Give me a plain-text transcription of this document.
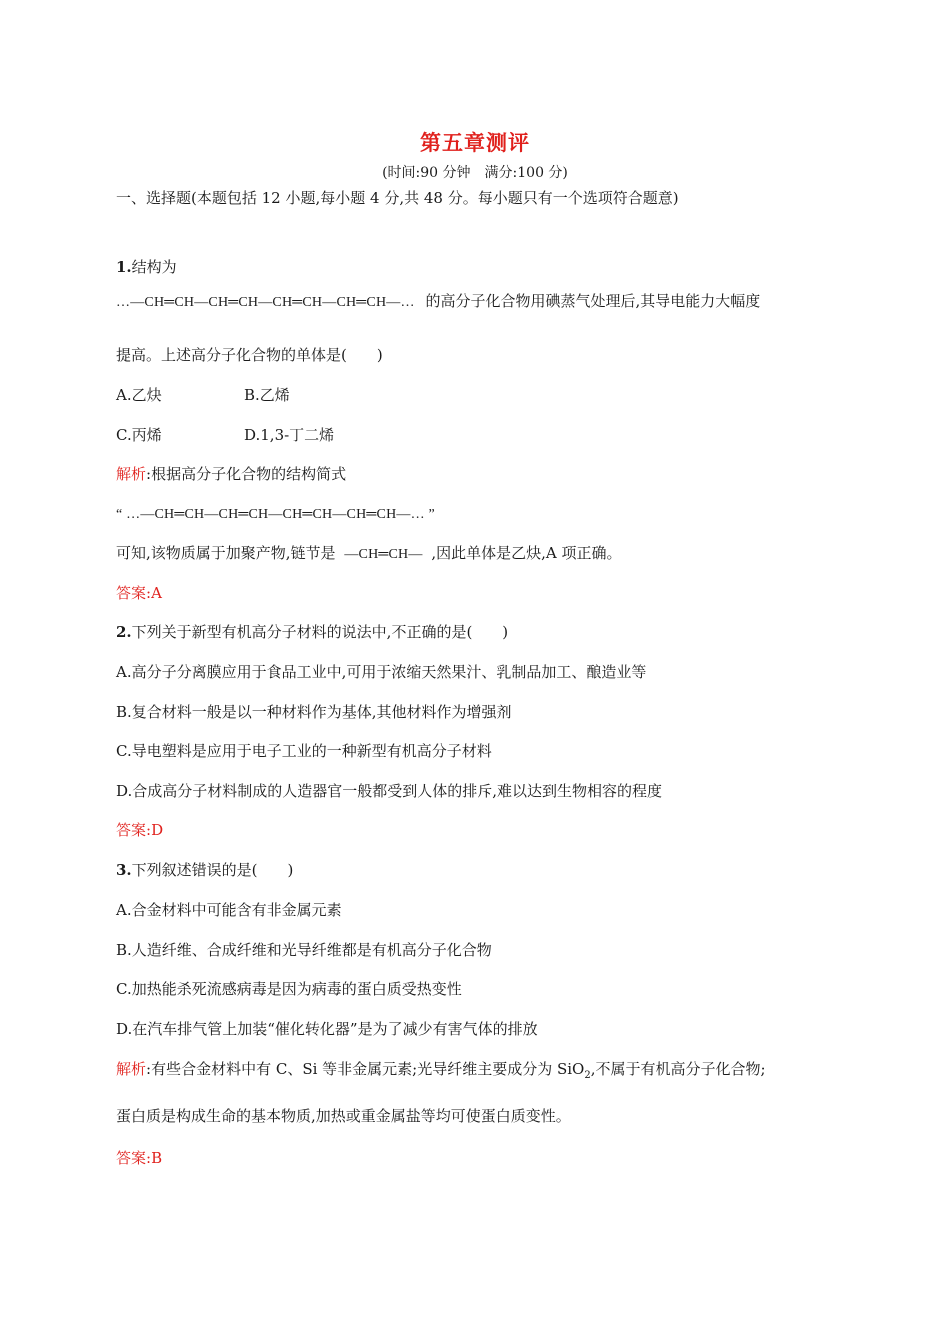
第五章测评
(时间:90 分钟　满分:100 分)
一、选择题(本题包括 12 小题,每小题 4 分,共 48 分。每小题只有一个选项符合题意)
1.结构为
…—CH═CH—CH═CH—CH═CH—CH═CH—… 的高分子化合物用碘蒸气处理后,其导电能力大幅度
提高。上述高分子化合物的单体是(　　)
A.乙炔	B.乙烯
C.丙烯	D.1,3-丁二烯
解析:根据高分子化合物的结构简式
“ …—CH═CH—CH═CH—CH═CH—CH═CH—… ”
可知,该物质属于加聚产物,链节是 —CH═CH— ,因此单体是乙炔,A 项正确。
答案:A
2.下列关于新型有机高分子材料的说法中,不正确的是(　　)
A.高分子分离膜应用于食品工业中,可用于浓缩天然果汁、乳制品加工、酿造业等
B.复合材料一般是以一种材料作为基体,其他材料作为增强剂
C.导电塑料是应用于电子工业的一种新型有机高分子材料
D.合成高分子材料制成的人造器官一般都受到人体的排斥,难以达到生物相容的程度
答案:D
3.下列叙述错误的是(　　)
A.合金材料中可能含有非金属元素
B.人造纤维、合成纤维和光导纤维都是有机高分子化合物
C.加热能杀死流感病毒是因为病毒的蛋白质受热变性
D.在汽车排气管上加装“催化转化器”是为了减少有害气体的排放
解析:有些合金材料中有 C、Si 等非金属元素;光导纤维主要成分为 SiO$_2$,不属于有机高分子化合物;
蛋白质是构成生命的基本物质,加热或重金属盐等均可使蛋白质变性。
答案:B
